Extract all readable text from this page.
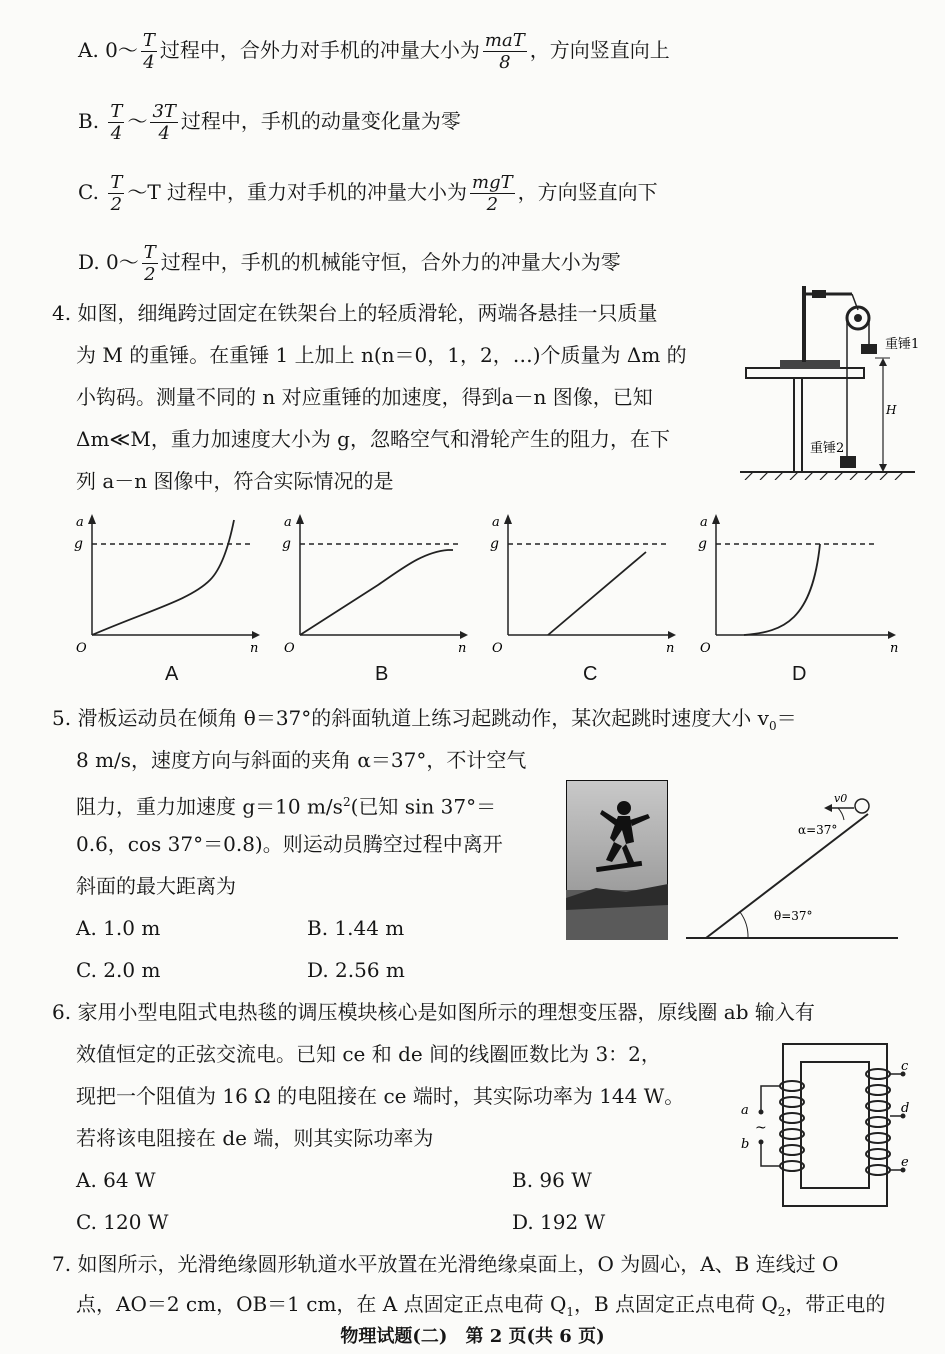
A. 0～ $\frac{T}{4}$ 过程中，合外力对手机的冲量大小为 $\frac{\text{maT}}{8}$ ，方向竖直向上
B. $\frac{T}{4}$ ～ $\frac{3T}{4}$ 过程中，手机的动量变化量为零
C. $\frac{T}{2}$ ～T 过程中，重力对手机的冲量大小为 $\frac{\text{mgT}}{2}$ ，方向竖直向下
D. 0～ $\frac{T}{2}$ 过程中，手机的机械能守恒，合外力的冲量大小为零
4. 如图，细绳跨过固定在铁架台上的轻质滑轮，两端各悬挂一只质量
为 M 的重锤。在重锤 1 上加上 n(n＝0，1，2，…)个质量为 Δm 的
小钩码。测量不同的 n 对应重锤的加速度，得到a－n 图像，已知
Δm≪M，重力加速度大小为 g，忽略空气和滑轮产生的阻力，在下
列 a－n 图像中，符合实际情况的是
重锤1
重锤2
H
a
g
O	n
a
g
O	n
a
g
O	n
a
g
O	n
A	B	C	D
5. 滑板运动员在倾角 θ＝37°的斜面轨道上练习起跳动作，某次起跳时速度大小 $v_0=$
8 m/s，速度方向与斜面的夹角 α＝37°，不计空气
阻力，重力加速度 g＝10 $m/s^2$(已知 sin 37°＝
0.6，cos 37°＝0.8)。则运动员腾空过程中离开
斜面的最大距离为
v0
α=37°
θ=37°
A. 1.0 m	B. 1.44 m
C. 2.0 m	D. 2.56 m
6. 家用小型电阻式电热毯的调压模块核心是如图所示的理想变压器，原线圈 ab 输入有
效值恒定的正弦交流电。已知 ce 和 de 间的线圈匝数比为 3：2，
现把一个阻值为 16 Ω 的电阻接在 ce 端时，其实际功率为 144 W。
若将该电阻接在 de 端，则其实际功率为
a
b
~
c
d
e
A. 64 W	B. 96 W
C. 120 W	D. 192 W
7. 如图所示，光滑绝缘圆形轨道水平放置在光滑绝缘桌面上，O 为圆心，A、B 连线过 O
点，AO＝2 cm，OB＝1 cm，在 A 点固定正点电荷 $Q_1$，B 点固定正点电荷 $Q_2$，带正电的
物理试题(二)　第 2 页(共 6 页)
